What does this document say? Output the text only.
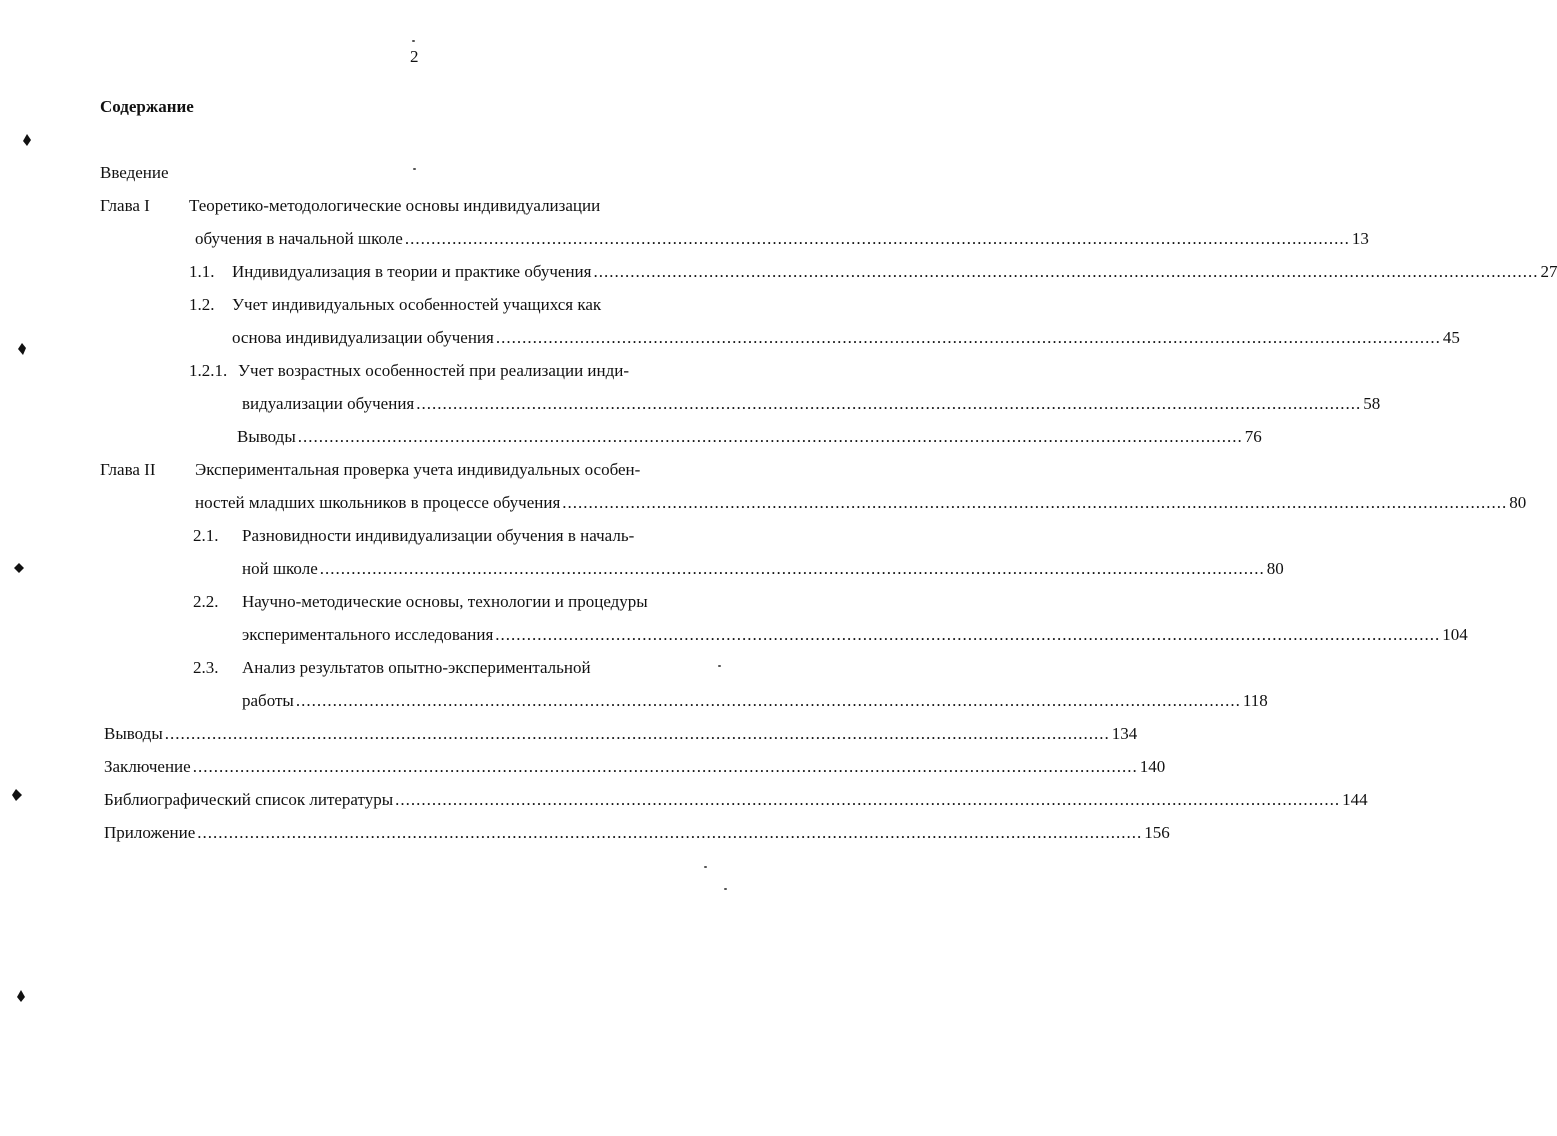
2
Содержание
Введение
Глава I Теоретико-методологические основы индивидуализации
обучения в начальной школе .................................................................................................................................................................................... 13
1.1. Индивидуализация в теории и практике обучения .................................................................................................................................................................................... 27
1.2. Учет индивидуальных особенностей учащихся как
основа индивидуализации обучения .................................................................................................................................................................................... 45
1.2.1. Учет возрастных особенностей при реализации инди-
видуализации обучения .................................................................................................................................................................................... 58
Выводы .................................................................................................................................................................................... 76
Глава II Экспериментальная проверка учета индивидуальных особен-
ностей младших школьников в процессе обучения .................................................................................................................................................................................... 80
2.1. Разновидности индивидуализации обучения в началь-
ной школе .................................................................................................................................................................................... 80
2.2. Научно-методические основы, технологии и процедуры
экспериментального исследования .................................................................................................................................................................................... 104
2.3. Анализ результатов опытно-экспериментальной
работы .................................................................................................................................................................................... 118
Выводы .................................................................................................................................................................................... 134
Заключение .................................................................................................................................................................................... 140
Библиографический список литературы .................................................................................................................................................................................... 144
Приложение .................................................................................................................................................................................... 156
